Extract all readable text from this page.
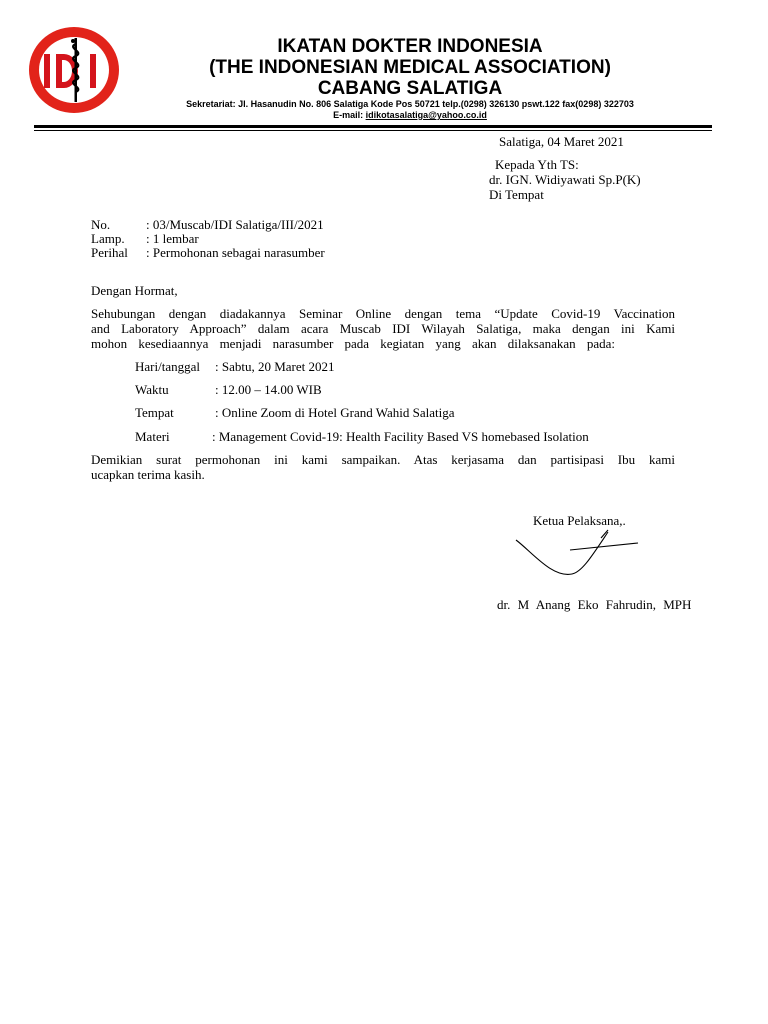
IKATAN DOKTER INDONESIA
(THE INDONESIAN MEDICAL ASSOCIATION)
CABANG SALATIGA
Sekretariat: Jl. Hasanudin No. 806 Salatiga Kode Pos 50721 telp.(0298) 326130 pswt.122 fax(0298) 322703
E-mail: idikotasalatiga@yahoo.co.id
Salatiga, 04 Maret 2021
Kepada Yth TS:
dr. IGN. Widiyawati Sp.P(K)
Di Tempat
No.	: 03/Muscab/IDI Salatiga/III/2021
Lamp. : 1 lembar
Perihal : Permohonan sebagai narasumber
Dengan Hormat,
Sehubungan dengan diadakannya Seminar Online dengan tema “Update Covid-19 Vaccination
and Laboratory Approach” dalam acara Muscab IDI Wilayah Salatiga, maka dengan ini Kami
mohon kesediaannya menjadi narasumber pada kegiatan yang akan dilaksanakan pada:
Hari/tanggal : Sabtu, 20 Maret 2021
Waktu	: 12.00 – 14.00 WIB
Tempat	: Online Zoom di Hotel Grand Wahid Salatiga
Materi	: Management Covid-19: Health Facility Based VS homebased Isolation
Demikian surat permohonan ini kami sampaikan. Atas kerjasama dan partisipasi Ibu kami
ucapkan terima kasih.
Ketua Pelaksana,.
dr. M Anang Eko Fahrudin, MPH
